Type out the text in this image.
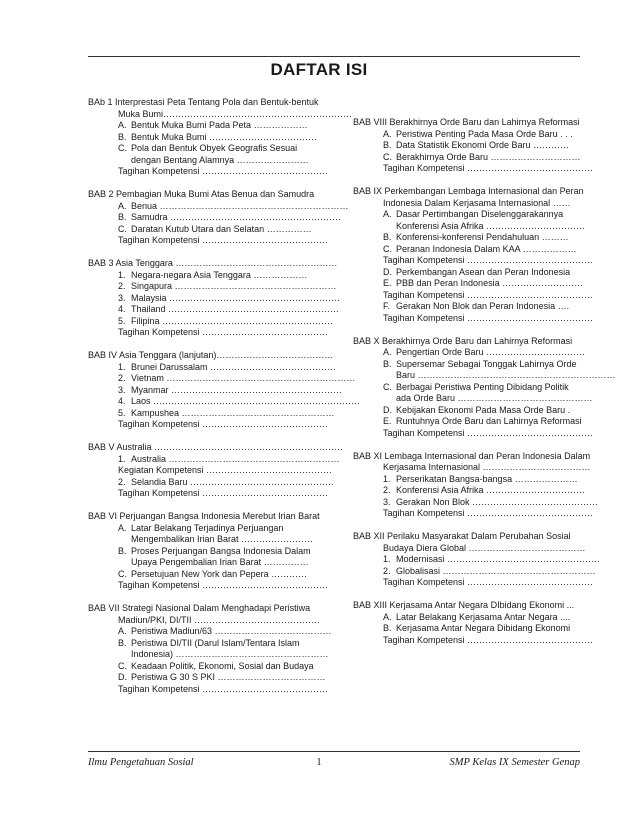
DAFTAR ISI
BAb 1 Interprestasi Peta Tentang Pola dan Bentuk-bentuk
Muka Bumi………………………………………………………
A. Bentuk Muka Bumi Pada Peta ………………
B. Bentuk Muka Bumi ………………………………
C. Pola dan Bentuk Obyek Geografis Sesuai
dengan Bentang Alamnya ……………………
Tagihan Kompetensi ……………………………………
BAB 2 Pembagian Muka Bumi Atas Benua dan Samudra
A. Benua ………………………………………………………
B. Samudra …………………………………………………
C. Daratan Kutub Utara dan Selatan ……………
Tagihan Kompetensi ……………………………………
BAB 3 Asia Tenggara ………………………………………………
1. Negara-negara Asia Tenggara ………………
2. Singapura ………………………………………………
3. Malaysia …………………………………………………
4. Thailand …………………………………………………
5. Filipina …………………………………………………
Tagihan Kompetensi ……………………………………
BAB IV Asia Tenggara (lanjutan)…………………………………
1. Brunei Darussalam ……………………………………
2. Vietnam ………………………………………………………
3. Myanmar …………………………………………………
4. Laos ……………………………………………………………
5. Kampushea ……………………………………………
Tagihan Kompetensi ……………………………………
BAB V Australia ………………………………………………………
1. Australia …………………………………………………
Kegiatan Kompetensi ……………………………………
2. Selandia Baru …………………………………………
Tagihan Kompetensi ……………………………………
BAB VI Perjuangan Bangsa Indonesia Merebut Irian Barat
A. Latar Belakang Terjadinya Perjuangan
Mengembalikan Irian Barat ……………………
B. Proses Perjuangan Bangsa Indonesia Dalam
Upaya Pengembalian Irian Barat ……………
C. Persetujuan New York dan Pepera …………
Tagihan Kompetensi ……………………………………
BAB VII Strategi Nasional Dalam Menghadapi Peristiwa
Madiun/PKI, DI/TII ……………………………………
A. Peristiwa Madiun/63 …………………………………
B. Peristiwa DI/TII (Darul Islam/Tentara Islam
Indonesia) ……………………………………………
C. Keadaan Politik, Ekonomi, Sosial dan Budaya
D. Peristiwa G 30 S PKI ………………………………
Tagihan Kompetensi ……………………………………
BAB VIII Berakhirnya Orde Baru dan Lahirnya Reformasi
A. Peristiwa Penting Pada Masa Orde Baru . . .
B. Data Statistik Ekonomi Orde Baru …………
C. Berakhirnya Orde Baru …………………………
Tagihan Kompetensi ……………………………………
BAB IX Perkembangan Lembaga Internasional dan Peran
Indonesia Dalam Kerjasama Internasional ……
A. Dasar Pertimbangan Diselenggarakannya
Konferensi Asia Afrika ……………………………
B. Konferensi-konferensi Pendahuluan ………
C. Peranan Indonesia Dalam KAA ………………
Tagihan Kompetensi ……………………………………
D. Perkembangan Asean dan Peran Indonesia
E. PBB dan Peran Indonesia ………………………
Tagihan Kompetensi ……………………………………
F. Gerakan Non Blok dan Peran Indonesia ….
Tagihan Kompetensi ……………………………………
BAB X Berakhirnya Orde Baru dan Lahirnya Reformasi
A. Pengertian Orde Baru ……………………………
B. Supersemar Sebagai Tonggak Lahirnya Orde
Baru …………………………………………………………
C. Berbagai Peristiwa Penting Dibidang Politik
ada Orde Baru ………………………………………
D. Kebijakan Ekonomi Pada Masa Orde Baru .
E. Runtuhnya Orde Baru dan Lahirnya Reformasi
Tagihan Kompetensi ……………………………………
BAB XI Lembaga Internasional dan Peran Indonesia Dalam
Kerjasama Internasional ………………………………
1. Perserikatan Bangsa-bangsa …………………
2. Konferensi Asia Afrika ……………………………
3. Gerakan Non Blok ……………………………………
Tagihan Kompetensi ……………………………………
BAB XII Perilaku Masyarakat Dalam Perubahan Sosial
Budaya Diera Global …………………………………
1. Modernisasi ……………………………………………
2. Globalisasi ……………………………………………
Tagihan Kompetensi ……………………………………
BAB XIII Kerjasama Antar Negara DIbidang Ekonomi ...
A. Latar Belakang Kerjasama Antar Negara ....
B. Kerjasama Antar Negara Dibidang Ekonomi
Tagihan Kompetensi ……………………………………
Ilmu Pengetahuan Sosial	1	SMP Kelas IX Semester Genap
